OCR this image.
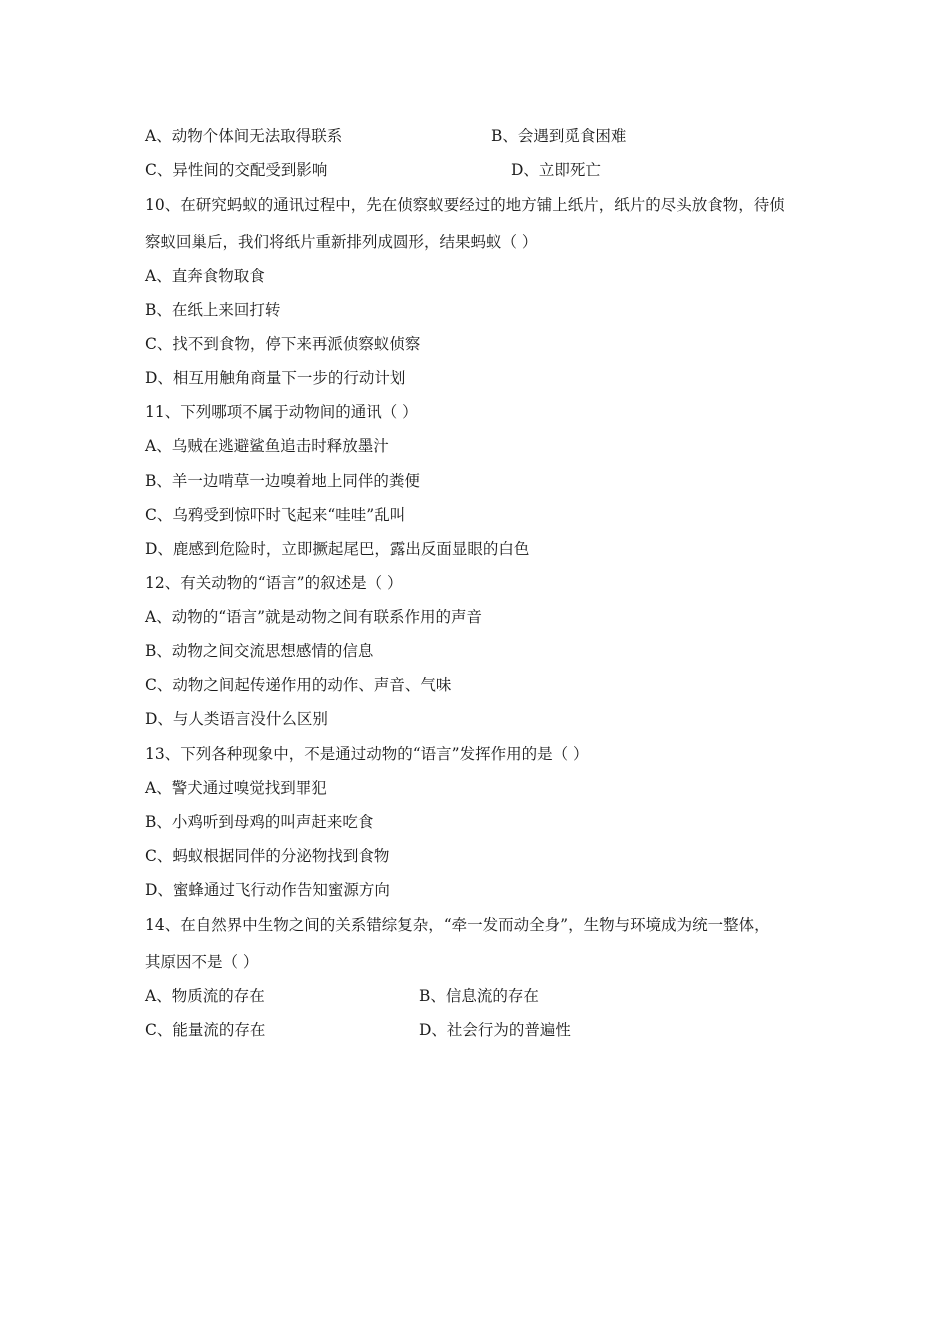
A、动物个体间无法取得联系	B、会遇到觅食困难
C、异性间的交配受到影响	D、立即死亡
10、在研究蚂蚁的通讯过程中，先在侦察蚁要经过的地方铺上纸片，纸片的尽头放食物，待侦
察蚁回巢后，我们将纸片重新排列成圆形，结果蚂蚁（ ）
A、直奔食物取食
B、在纸上来回打转
C、找不到食物，停下来再派侦察蚁侦察
D、相互用触角商量下一步的行动计划
11、下列哪项不属于动物间的通讯（ ）
A、乌贼在逃避鲨鱼追击时释放墨汁
B、羊一边啃草一边嗅着地上同伴的粪便
C、乌鸦受到惊吓时飞起来“哇哇”乱叫
D、鹿感到危险时，立即撅起尾巴，露出反面显眼的白色
12、有关动物的“语言”的叙述是（ ）
A、动物的“语言”就是动物之间有联系作用的声音
B、动物之间交流思想感情的信息
C、动物之间起传递作用的动作、声音、气味
D、与人类语言没什么区别
13、下列各种现象中，不是通过动物的“语言”发挥作用的是（ ）
A、警犬通过嗅觉找到罪犯
B、小鸡听到母鸡的叫声赶来吃食
C、蚂蚁根据同伴的分泌物找到食物
D、蜜蜂通过飞行动作告知蜜源方向
14、在自然界中生物之间的关系错综复杂，“牵一发而动全身”，生物与环境成为统一整体，
其原因不是（ ）
A、物质流的存在	B、信息流的存在
C、能量流的存在	D、社会行为的普遍性
